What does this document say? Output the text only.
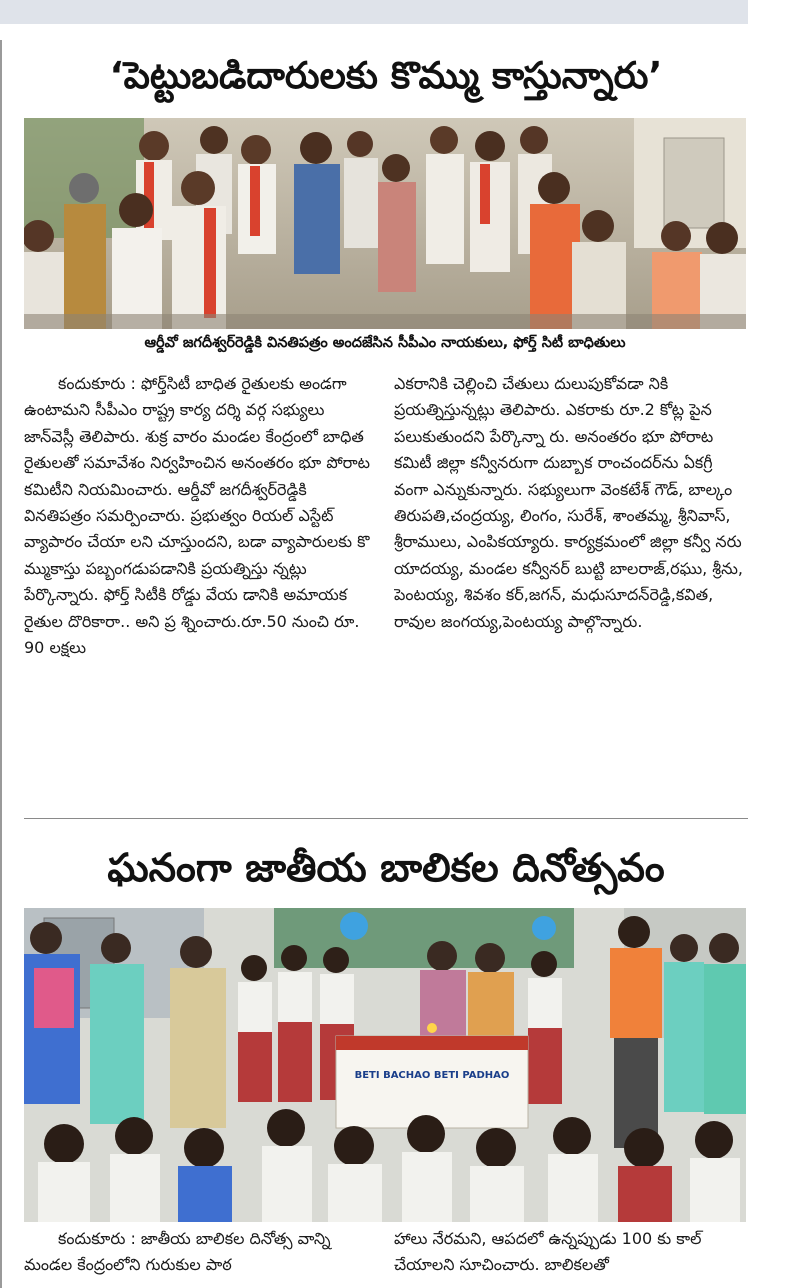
‘పెట్టుబడిదారులకు కొమ్ము కాస్తున్నారు’

ఆర్డీవో జగదీశ్వర్‌రెడ్డికి వినతిపత్రం అందజేసిన సీపీఎం నాయకులు, ఫోర్త్ సిటీ బాధితులు

కందుకూరు : ఫోర్త్‌సిటీ బాధిత రైతులకు అండగా ఉంటామని సీపీఎం రాష్ట్ర కార్య దర్శి వర్గ సభ్యులు జాన్‌వెస్లీ తెలిపారు. శుక్ర వారం మండల కేంద్రంలో బాధిత రైతులతో సమావేశం నిర్వహించిన అనంతరం భూ పోరాట కమిటీని నియమించారు. ఆర్డీవో జగదీశ్వర్‌రెడ్డికి వినతిపత్రం సమర్పించారు. ప్రభుత్వం రియల్ ఎస్టేట్ వ్యాపారం చేయా లని చూస్తుందని, బడా వ్యాపారులకు కొ మ్ముకాస్తు పబ్బంగడుపడానికి ప్రయత్నిస్తు న్నట్లు పేర్కొన్నారు. ఫోర్త్ సిటీకి రోడ్డు వేయ డానికి అమాయక రైతుల దొరికారా.. అని ప్ర శ్నించారు.రూ.50 నుంచి రూ. 90 లక్షలు

ఎకరానికి చెల్లించి చేతులు దులుపుకోవడా నికి ప్రయత్నిస్తున్నట్లు తెలిపారు. ఎకరాకు రూ.2 కోట్ల పైన పలుకుతుందని పేర్కొన్నా రు. అనంతరం భూ పోరాట కమిటీ జిల్లా కన్వీనరుగా దుబ్బాక రాంచందర్‌ను ఏకగ్రీ వంగా ఎన్నుకున్నారు. సభ్యులుగా వెంకటేశ్ గౌడ్, బాల్కం తిరుపతి,చంద్రయ్య, లింగం, సురేశ్, శాంతమ్మ, శ్రీనివాస్, శ్రీరాములు, ఎంపికయ్యారు. కార్యక్రమంలో జిల్లా కన్వీ నరు యాదయ్య, మండల కన్వీనర్ బుట్టి బాలరాజ్,రఘు, శ్రీను, పెంటయ్య, శివశం కర్,జగన్, మధుసూదన్‌రెడ్డి,కవిత, రావుల జంగయ్య,పెంటయ్య పాల్గొన్నారు.

ఘనంగా జాతీయ బాలికల దినోత్సవం
BETI BACHAO BETI PADHAO

కందుకూరు : జాతీయ బాలికల దినోత్స వాన్ని మండల కేంద్రంలోని గురుకుల పాఠ

హాలు నేరమని, ఆపదలో ఉన్నప్పుడు 100 కు కాల్ చేయాలని సూచించారు. బాలికలతో
